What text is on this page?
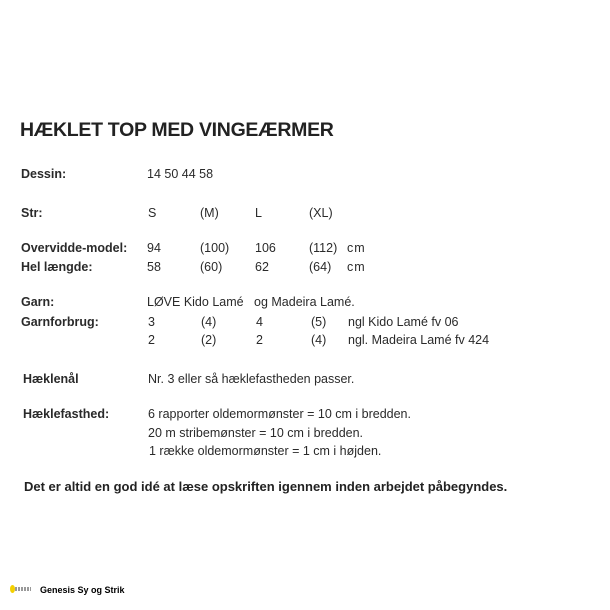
HÆKLET TOP MED VINGEÆRMER
Dessin:	14 50 44 58
Str:	S	(M)	L	(XL)
Overvidde-model: 94	(100) 106	(112) cm
Hel længde:	58	(60)	62	(64) cm
Garn:	LØVE Kido Lamé   og Madeira Lamé.
Garnforbrug:	3	(4)	4	(5) ngl Kido Lamé fv 06
2	(2)	2	(4) ngl. Madeira Lamé fv 424
Hæklenål	Nr. 3 eller så hæklefastheden passer.
Hæklefasthed:	6 rapporter oldemormønster = 10 cm i bredden.
20 m stribemønster = 10 cm i bredden.
1 række oldemormønster = 1 cm i højden.
Det er altid en god idé at læse opskriften igennem inden arbejdet påbegyndes.
Genesis Sy og Strik
